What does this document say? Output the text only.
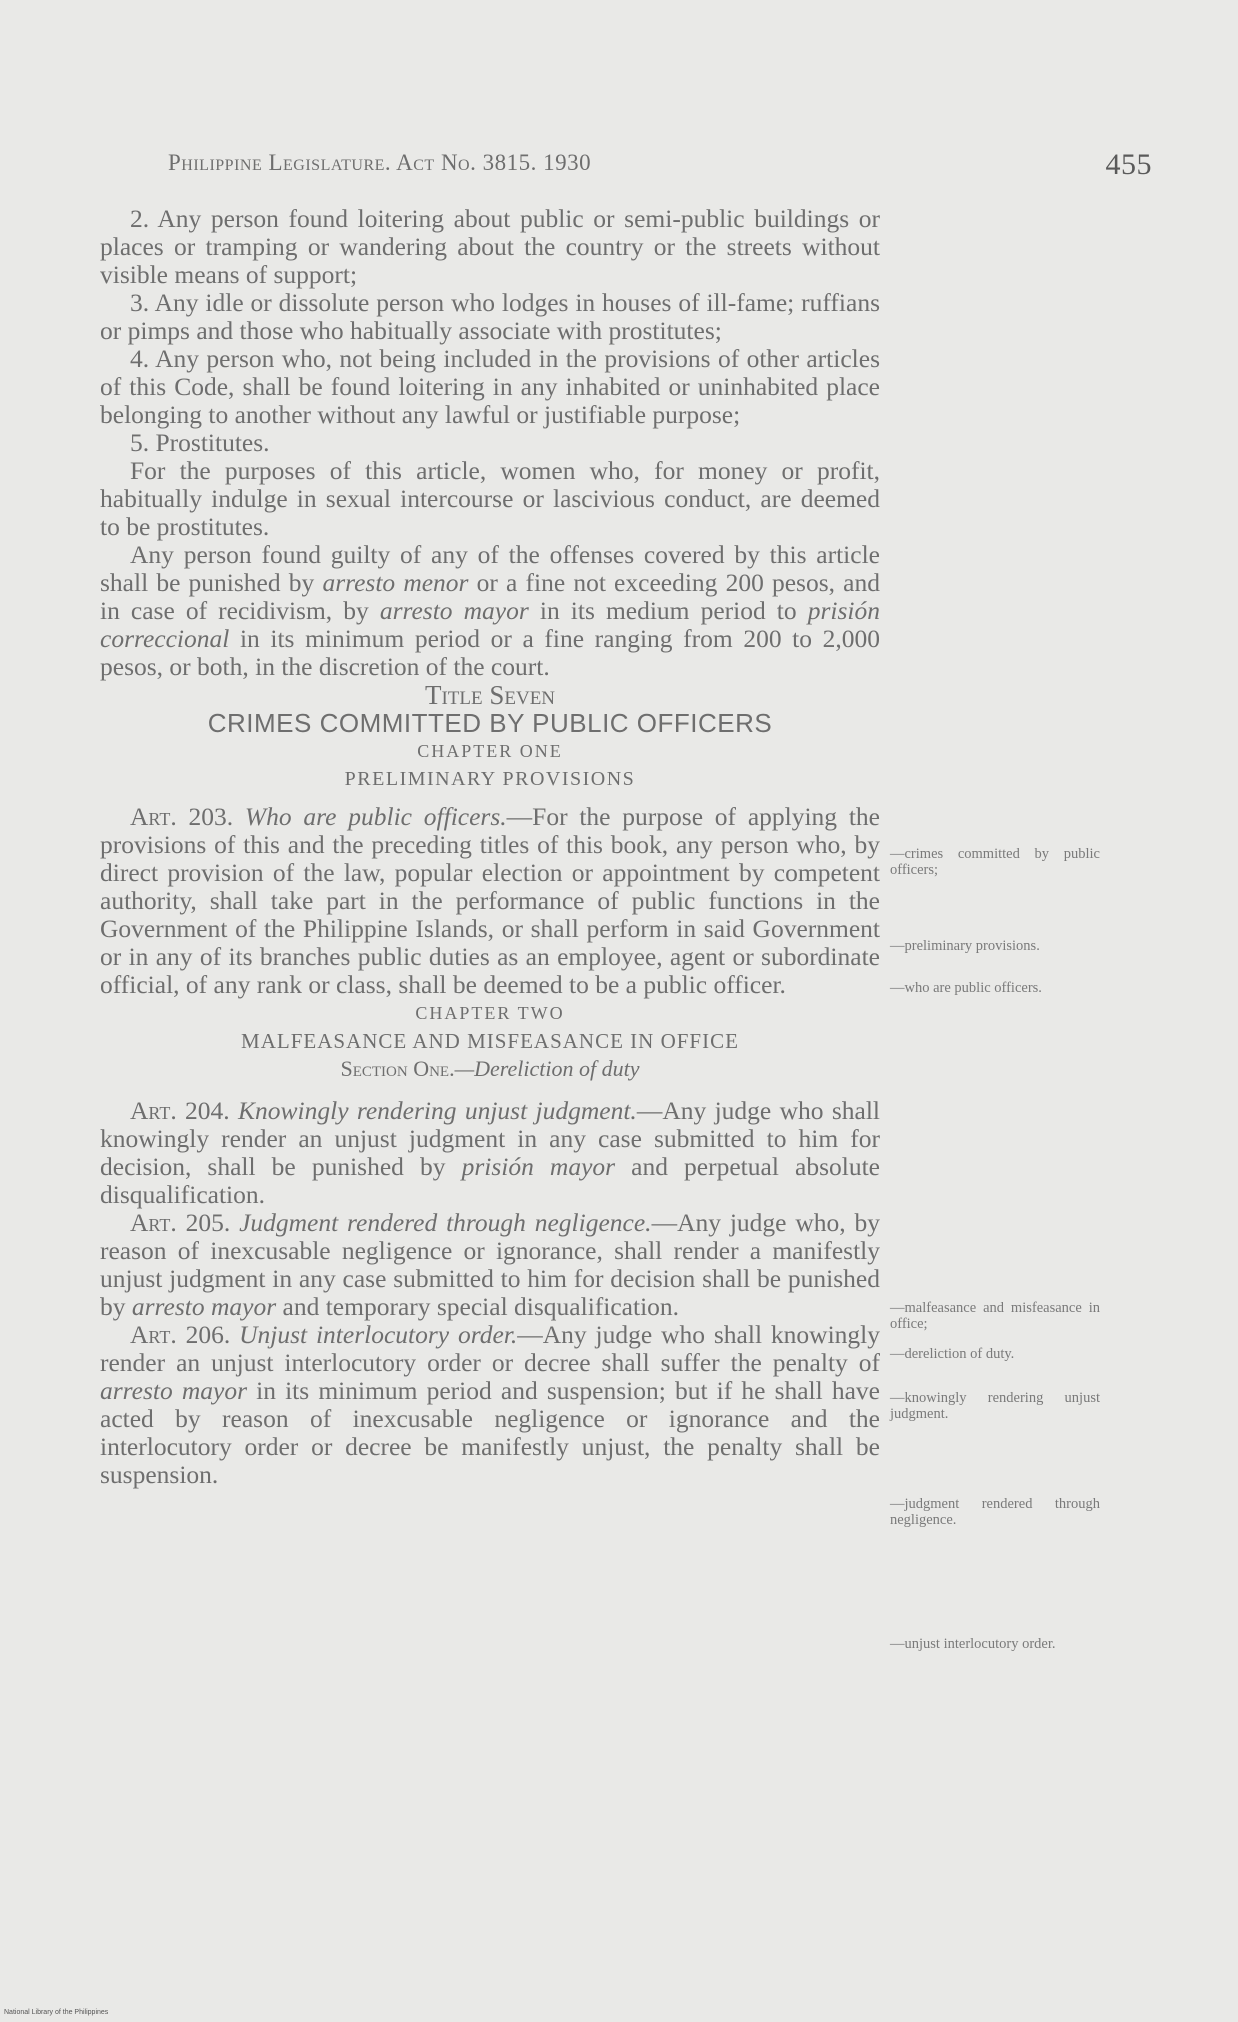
Philippine Legislature. Act No. 3815. 1930	455

2. Any person found loitering about public or semi-public buildings or places or tramping or wandering about the country or the streets without visible means of support;

3. Any idle or dissolute person who lodges in houses of ill-fame; ruffians or pimps and those who habitually associate with prostitutes;

4. Any person who, not being included in the provisions of other articles of this Code, shall be found loitering in any inhabited or uninhabited place belonging to another without any lawful or justifiable purpose;

5. Prostitutes.

For the purposes of this article, women who, for money or profit, habitually indulge in sexual intercourse or lascivious conduct, are deemed to be prostitutes.

Any person found guilty of any of the offenses covered by this article shall be punished by arresto menor or a fine not exceeding 200 pesos, and in case of recidivism, by arresto mayor in its medium period to prisión correccional in its minimum period or a fine ranging from 200 to 2,000 pesos, or both, in the discretion of the court.

Title Seven

CRIMES COMMITTED BY PUBLIC OFFICERS

CHAPTER ONE

PRELIMINARY PROVISIONS

Art. 203. Who are public officers.—For the purpose of applying the provisions of this and the preceding titles of this book, any person who, by direct provision of the law, popular election or appointment by competent authority, shall take part in the performance of public functions in the Government of the Philippine Islands, or shall perform in said Government or in any of its branches public duties as an employee, agent or subordinate official, of any rank or class, shall be deemed to be a public officer.

CHAPTER TWO

MALFEASANCE AND MISFEASANCE IN OFFICE

Section One.—Dereliction of duty

Art. 204. Knowingly rendering unjust judgment.—Any judge who shall knowingly render an unjust judgment in any case submitted to him for decision, shall be punished by prisión mayor and perpetual absolute disqualification.

Art. 205. Judgment rendered through negligence.—Any judge who, by reason of inexcusable negligence or ignorance, shall render a manifestly unjust judgment in any case submitted to him for decision shall be punished by arresto mayor and temporary special disqualification.

Art. 206. Unjust interlocutory order.—Any judge who shall knowingly render an unjust interlocutory order or decree shall suffer the penalty of arresto mayor in its minimum period and suspension; but if he shall have acted by reason of inexcusable negligence or ignorance and the interlocutory order or decree be manifestly unjust, the penalty shall be suspension.

—crimes committed by public officers;
—preliminary provisions.
—who are public officers.
—malfeasance and misfeasance in office;
—dereliction of duty.
—knowingly rendering unjust judgment.
—judgment rendered through negligence.
—unjust interlocutory order.
National Library of the Philippines
